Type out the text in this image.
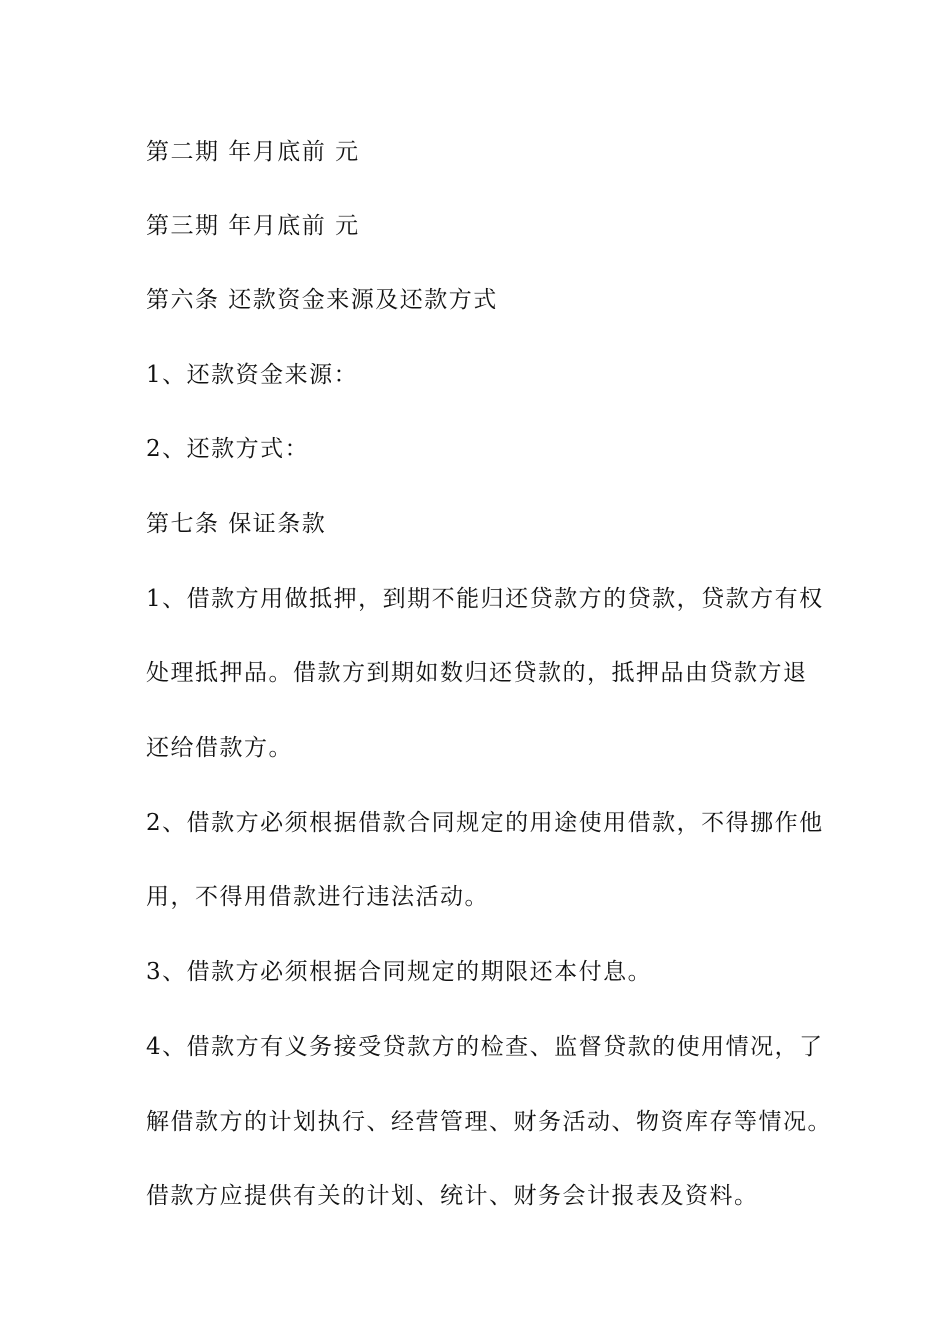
第二期 年月底前 元
第三期 年月底前 元
第六条 还款资金来源及还款方式
1、还款资金来源：
2、还款方式：
第七条 保证条款
1、借款方用做抵押，到期不能归还贷款方的贷款，贷款方有权
处理抵押品。借款方到期如数归还贷款的，抵押品由贷款方退
还给借款方。
2、借款方必须根据借款合同规定的用途使用借款，不得挪作他
用，不得用借款进行违法活动。
3、借款方必须根据合同规定的期限还本付息。
4、借款方有义务接受贷款方的检查、监督贷款的使用情况，了
解借款方的计划执行、经营管理、财务活动、物资库存等情况。
借款方应提供有关的计划、统计、财务会计报表及资料。
